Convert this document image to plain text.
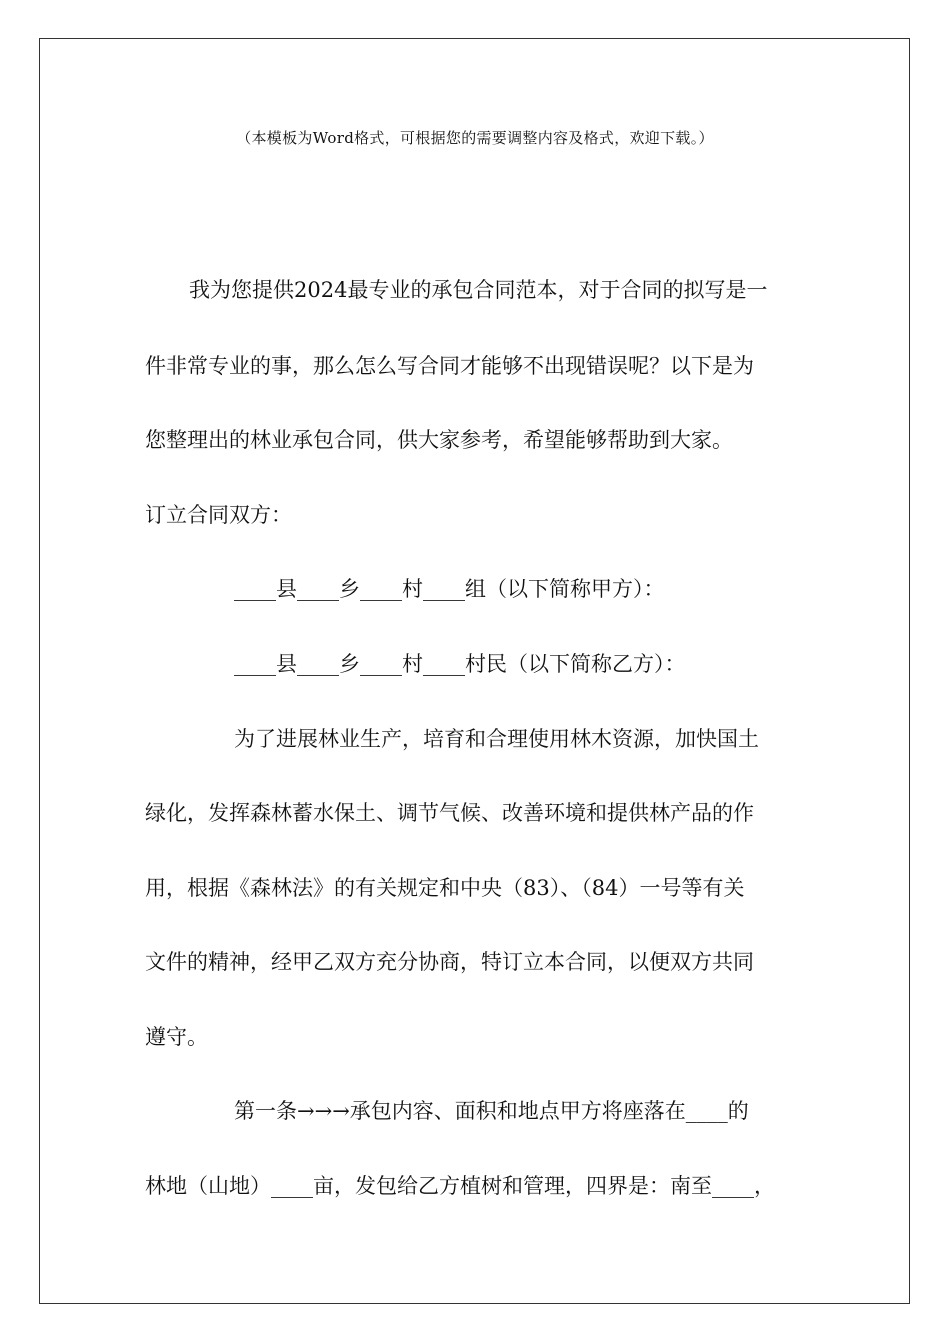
（本模板为Word格式，可根据您的需要调整内容及格式，欢迎下载。）
我为您提供2024最专业的承包合同范本，对于合同的拟写是一
件非常专业的事，那么怎么写合同才能够不出现错误呢？以下是为
您整理出的林业承包合同，供大家参考，希望能够帮助到大家。
订立合同双方：
____县____乡____村____组（以下简称甲方）：
____县____乡____村____村民（以下简称乙方）：
为了进展林业生产，培育和合理使用林木资源，加快国土
绿化，发挥森林蓄水保土、调节气候、改善环境和提供林产品的作
用，根据《森林法》的有关规定和中央（83）、（84）一号等有关
文件的精神，经甲乙双方充分协商，特订立本合同，以便双方共同
遵守。
第一条→→→承包内容、面积和地点甲方将座落在____的
林地（山地）____亩，发包给乙方植树和管理，四界是：南至____，
